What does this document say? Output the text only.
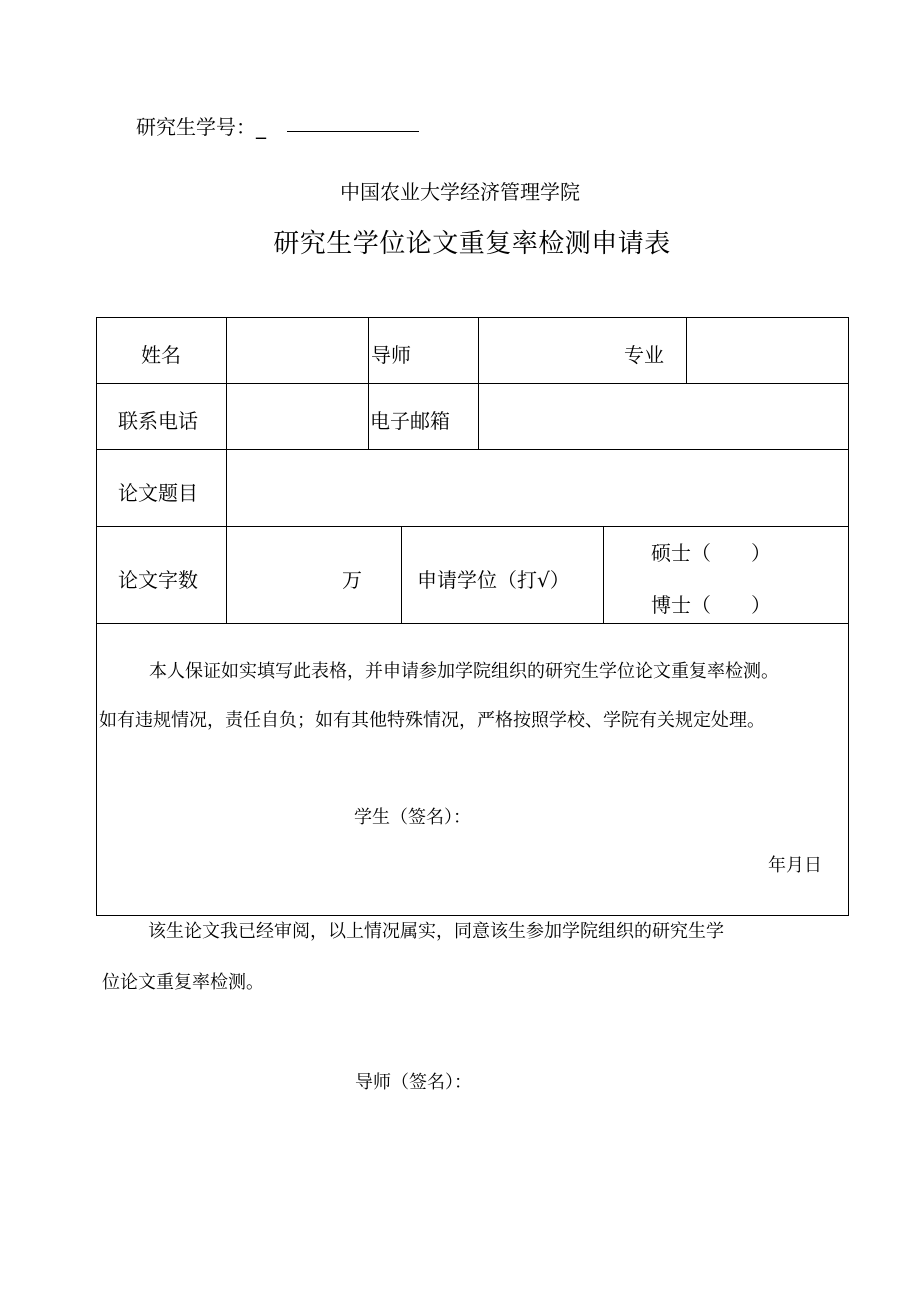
研究生学号：_
中国农业大学经济管理学院
研究生学位论文重复率检测申请表
姓名	导师	专业
联系电话	电子邮箱
论文题目
论文字数	万	申请学位（打√）
硕士（　　）
博士（　　）
本人保证如实填写此表格，并申请参加学院组织的研究生学位论文重复率检测。
如有违规情况，责任自负；如有其他特殊情况，严格按照学校、学院有关规定处理。
学生（签名）：
年月日
该生论文我已经审阅，以上情况属实，同意该生参加学院组织的研究生学
位论文重复率检测。
导师（签名）：
